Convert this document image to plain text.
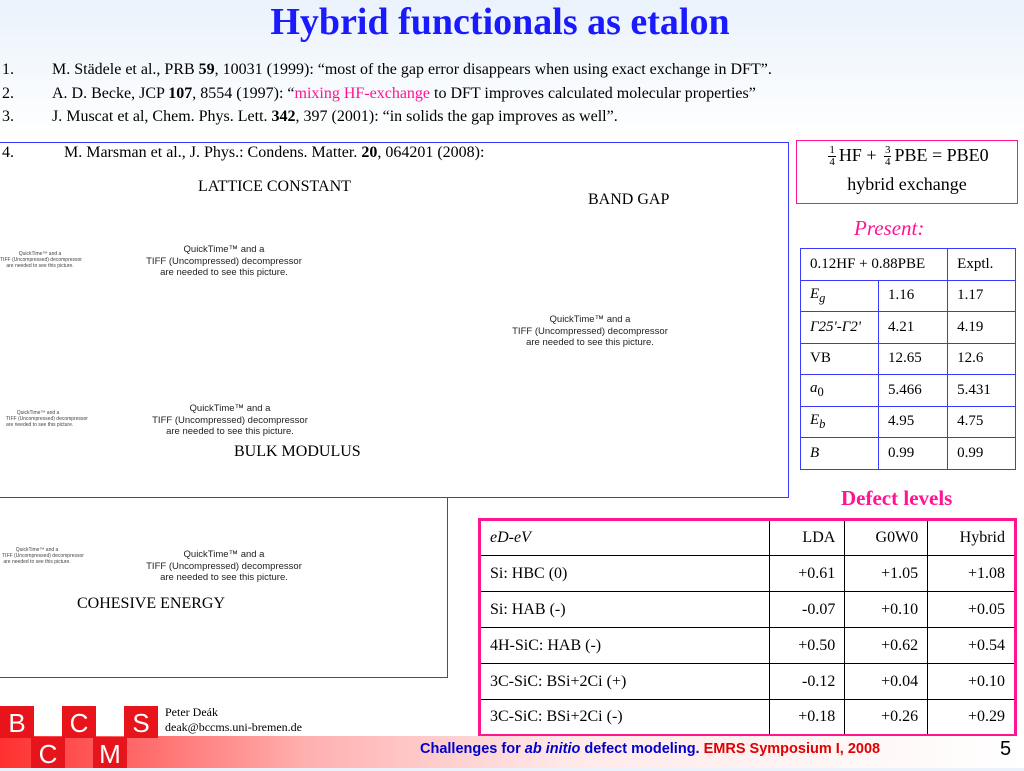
Hybrid functionals as etalon
1. M. Städele et al., PRB 59, 10031 (1999): “most of the gap error disappears when using exact exchange in DFT”.
2. A. D. Becke, JCP 107, 8554 (1997): “mixing HF-exchange to DFT improves calculated molecular properties”
3. J. Muscat et al, Chem. Phys. Lett. 342, 397 (2001): “in solids the gap improves as well”.
4.	M. Marsman et al., J. Phys.: Condens. Matter. 20, 064201 (2008):
LATTICE CONSTANT
BAND GAP
BULK MODULUS
COHESIVE ENERGY
QuickTime™ and a
TIFF (Uncompressed) decompressor
are needed to see this picture.
QuickTime™ and a
TIFF (Uncompressed) decompressor
are needed to see this picture.
QuickTime™ and a
TIFF (Uncompressed) decompressor
are needed to see this picture.
QuickTime™ and a
TIFF (Uncompressed) decompressor
are needed to see this picture.
QuickTime™ and a
TIFF (Uncompressed) decompressor
are needed to see this picture.
QuickTime™ and a
TIFF (Uncompressed) decompressor
are needed to see this picture.
QuickTime™ and a
TIFF (Uncompressed) decompressor
are needed to see this picture.
$\frac{1}{4}$ HF + $\frac{3}{4}$ PBE = PBE0
hybrid exchange
Present:
0.12HF + 0.88PBE		Exptl.
$E_g$	1.16	1.17
Γ25'-Γ2'	4.21	4.19
VB	12.65	12.6
$a_0$	5.466	5.431
$E_b$	4.95	4.75
B	0.99	0.99
Defect levels
eD-eV	LDA	G0W0	Hybrid
Si: HBC (0)	+0.61	+1.05	+1.08
Si: HAB (-)	-0.07	+0.10	+0.05
4H-SiC: HAB (-)	+0.50	+0.62	+0.54
3C-SiC: BSi+2Ci (+)	-0.12	+0.04	+0.10
3C-SiC: BSi+2Ci (-)	+0.18	+0.26	+0.29
B	C	S
C M
Peter Deák
deak@bccms.uni-bremen.de
Challenges for ab initio defect modeling. EMRS Symposium I, 2008	5
